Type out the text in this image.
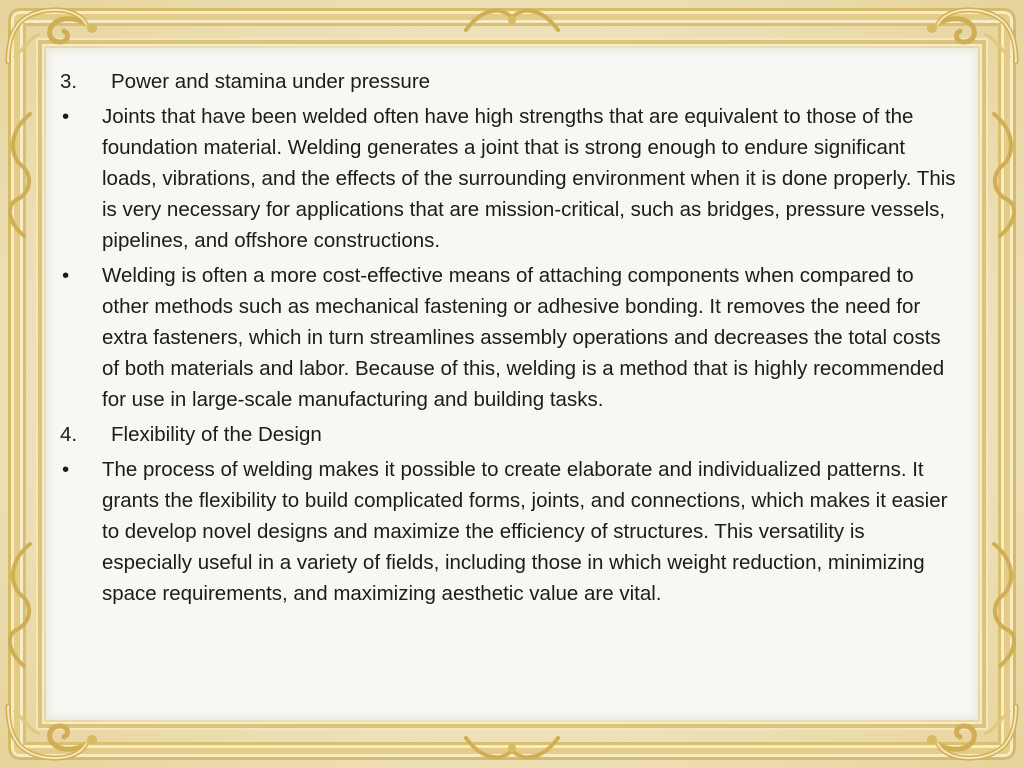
3.	Power and stamina under pressure
•	Joints that have been welded often have high strengths that are equivalent to those of the foundation material. Welding generates a joint that is strong enough to endure significant loads, vibrations, and the effects of the surrounding environment when it is done properly. This is very necessary for applications that are mission-critical, such as bridges, pressure vessels, pipelines, and offshore constructions.
•	Welding is often a more cost-effective means of attaching components when compared to other methods such as mechanical fastening or adhesive bonding. It removes the need for extra fasteners, which in turn streamlines assembly operations and decreases the total costs of both materials and labor. Because of this, welding is a method that is highly recommended for use in large-scale manufacturing and building tasks.
4.	Flexibility of the Design
•	The process of welding makes it possible to create elaborate and individualized patterns. It grants the flexibility to build complicated forms, joints, and connections, which makes it easier to develop novel designs and maximize the efficiency of structures. This versatility is especially useful in a variety of fields, including those in which weight reduction, minimizing space requirements, and maximizing aesthetic value are vital.
